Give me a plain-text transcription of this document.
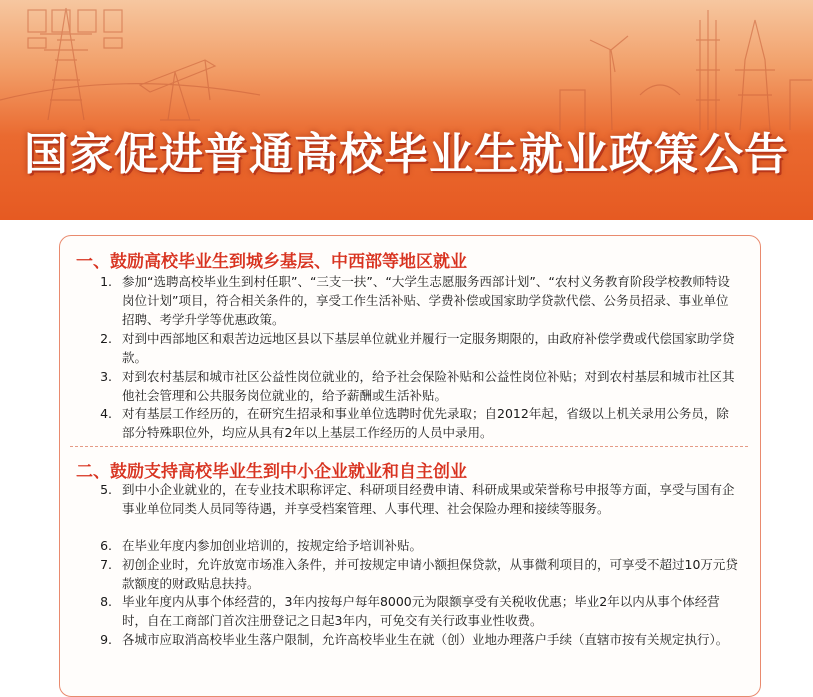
国家促进普通高校毕业生就业政策公告
一、鼓励高校毕业生到城乡基层、中西部等地区就业
1. 参加“选聘高校毕业生到村任职”、“三支一扶”、“大学生志愿服务西部计划”、“农村义务教育阶段学校教师特设岗位计划”项目，符合相关条件的，享受工作生活补贴、学费补偿或国家助学贷款代偿、公务员招录、事业单位招聘、考学升学等优惠政策。
2. 对到中西部地区和艰苦边远地区县以下基层单位就业并履行一定服务期限的，由政府补偿学费或代偿国家助学贷款。
3. 对到农村基层和城市社区公益性岗位就业的，给予社会保险补贴和公益性岗位补贴；对到农村基层和城市社区其他社会管理和公共服务岗位就业的，给予薪酬或生活补贴。
4. 对有基层工作经历的，在研究生招录和事业单位选聘时优先录取；自2012年起，省级以上机关录用公务员，除部分特殊职位外，均应从具有2年以上基层工作经历的人员中录用。
二、鼓励支持高校毕业生到中小企业就业和自主创业
5. 到中小企业就业的，在专业技术职称评定、科研项目经费申请、科研成果或荣誉称号申报等方面，享受与国有企事业单位同类人员同等待遇，并享受档案管理、人事代理、社会保险办理和接续等服务。
6. 在毕业年度内参加创业培训的，按规定给予培训补贴。
7. 初创企业时，允许放宽市场准入条件，并可按规定申请小额担保贷款，从事微利项目的，可享受不超过10万元贷款额度的财政贴息扶持。
8. 毕业年度内从事个体经营的，3年内按每户每年8000元为限额享受有关税收优惠；毕业2年以内从事个体经营时，自在工商部门首次注册登记之日起3年内，可免交有关行政事业性收费。
9. 各城市应取消高校毕业生落户限制，允许高校毕业生在就（创）业地办理落户手续（直辖市按有关规定执行）。
